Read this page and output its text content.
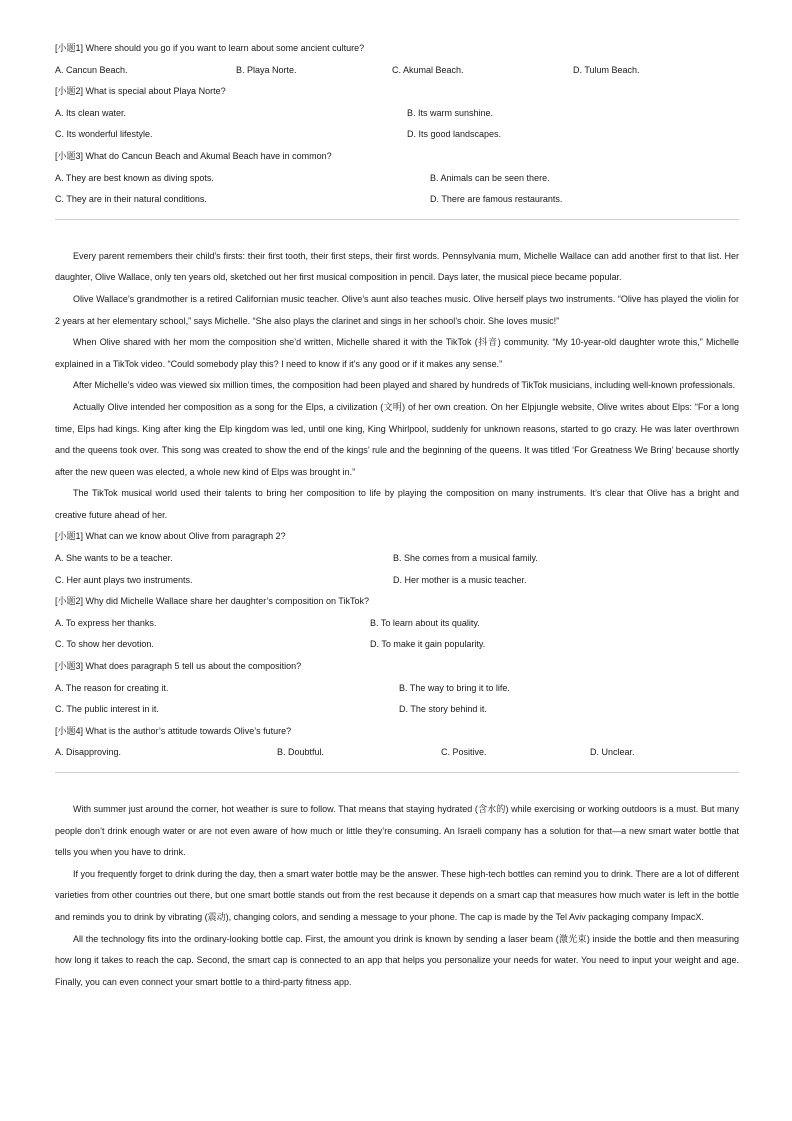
[小题1] Where should you go if you want to learn about some ancient culture?

A. Cancun Beach.	B. Playa Norte.	C. Akumal Beach.	D. Tulum Beach.

[小题2] What is special about Playa Norte?

A. Its clean water.	B. Its warm sunshine.
C. Its wonderful lifestyle.	D. Its good landscapes.

[小题3] What do Cancun Beach and Akumal Beach have in common?

A. They are best known as diving spots.	B. Animals can be seen there.
C. They are in their natural conditions.	D. There are famous restaurants.

Every parent remembers their child’s firsts: their first tooth, their first steps, their first words. Pennsylvania mum, Michelle Wallace can add another first to that list. Her daughter, Olive Wallace, only ten years old, sketched out her first musical composition in pencil. Days later, the musical piece became popular.

Olive Wallace’s grandmother is a retired Californian music teacher. Olive’s aunt also teaches music. Olive herself plays two instruments. “Olive has played the violin for 2 years at her elementary school,” says Michelle. “She also plays the clarinet and sings in her school’s choir. She loves music!”

When Olive shared with her mom the composition she’d written, Michelle shared it with the TikTok (抖音) community. “My 10-year-old daughter wrote this,” Michelle explained in a TikTok video. “Could somebody play this? I need to know if it’s any good or if it makes any sense.”

After Michelle’s video was viewed six million times, the composition had been played and shared by hundreds of TikTok musicians, including well-known professionals.

Actually Olive intended her composition as a song for the Elps, a civilization (文明) of her own creation. On her Elpjungle website, Olive writes about Elps: “For a long time, Elps had kings. King after king the Elp kingdom was led, until one king, King Whirlpool, suddenly for unknown reasons, started to go crazy. He was later overthrown and the queens took over. This song was created to show the end of the kings’ rule and the beginning of the queens. It was titled ‘For Greatness We Bring’ because shortly after the new queen was elected, a whole new kind of Elps was brought in.”

The TikTok musical world used their talents to bring her composition to life by playing the composition on many instruments. It’s clear that Olive has a bright and creative future ahead of her.

[小题1] What can we know about Olive from paragraph 2?

A. She wants to be a teacher.	B. She comes from a musical family.
C. Her aunt plays two instruments.	D. Her mother is a music teacher.

[小题2] Why did Michelle Wallace share her daughter’s composition on TikTok?

A. To express her thanks.	B. To learn about its quality.
C. To show her devotion.	D. To make it gain popularity.

[小题3] What does paragraph 5 tell us about the composition?

A. The reason for creating it.	B. The way to bring it to life.
C. The public interest in it.	D. The story behind it.

[小题4] What is the author’s attitude towards Olive’s future?

A. Disapproving.	B. Doubtful.	C. Positive.	D. Unclear.

With summer just around the corner, hot weather is sure to follow. That means that staying hydrated (含水的) while exercising or working outdoors is a must. But many people don’t drink enough water or are not even aware of how much or little they’re consuming. An Israeli company has a solution for that—a new smart water bottle that tells you when you have to drink.

If you frequently forget to drink during the day, then a smart water bottle may be the answer. These high-tech bottles can remind you to drink. There are a lot of different varieties from other countries out there, but one smart bottle stands out from the rest because it depends on a smart cap that measures how much water is left in the bottle and reminds you to drink by vibrating (震动), changing colors, and sending a message to your phone. The cap is made by the Tel Aviv packaging company ImpacX.

All the technology fits into the ordinary-looking bottle cap. First, the amount you drink is known by sending a laser beam (激光束) inside the bottle and then measuring how long it takes to reach the cap. Second, the smart cap is connected to an app that helps you personalize your needs for water. You need to input your weight and age. Finally, you can even connect your smart bottle to a third-party fitness app.
